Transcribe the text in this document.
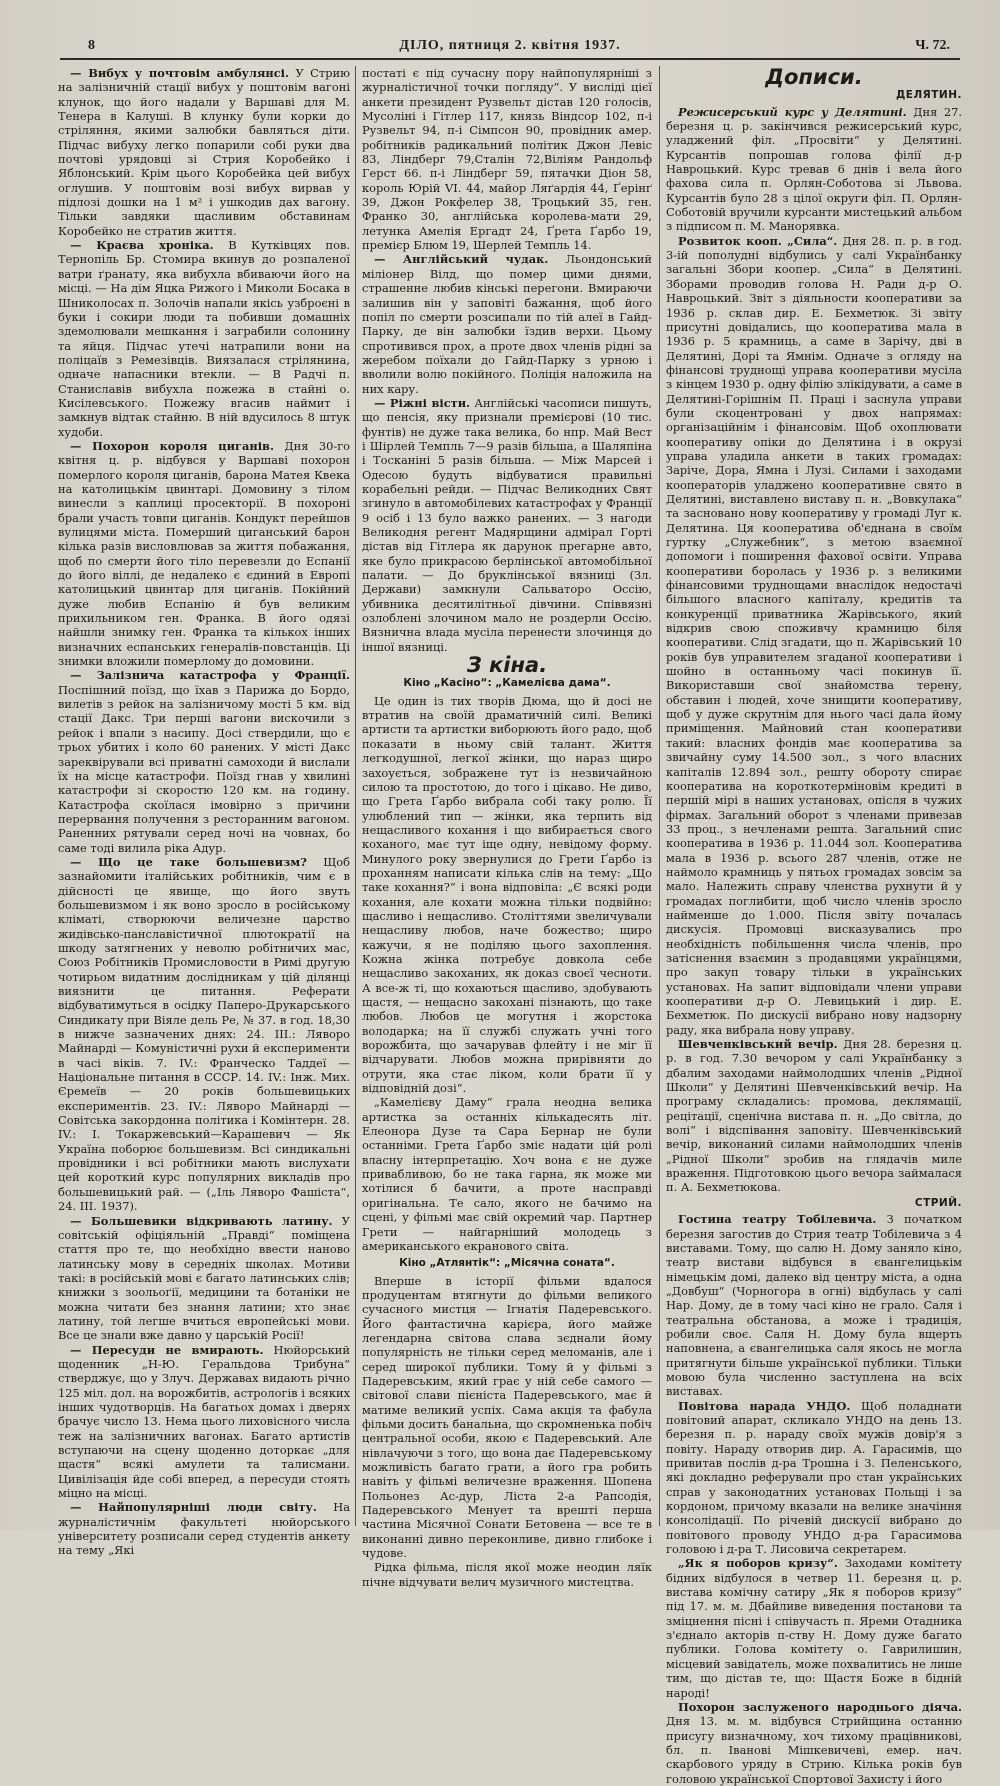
8	ДІЛО, пятниця 2. квітня 1937.	Ч. 72.

— Вибух у почтовім амбулянсі. У Стрию на залізничній стації вибух у поштовім вагоні клунок, що його надали у Варшаві для М. Тенера в Калуші. В клунку були корки до стріляння, якими залюбки бавляться діти. Підчас вибуху легко попарили собі руки два почтові урядовці зі Стрия Коробейко і Яблонський. Крім цього Коробейка цей вибух оглушив. У поштовім возі вибух вирвав у підлозі дошки на 1 м² і ушкодив дах вагону. Тільки завдяки щасливим обставинам Коробейко не стратив життя.

— Краєва хроніка. В Кутківцях пов. Тернопіль Бр. Стомира вкинув до розпаленої ватри ґранату, яка вибухла вбиваючи його на місці. — На дім Яцка Рижого і Миколи Босака в Шниколосах п. Золочів напали якісь узброєні в буки і сокири люди та побивши домашніх здемолювали мешкання і заграбили солонину та яйця. Підчас утечі натрапили вони на поліцаїв з Ремезівців. Виязалася стрілянина, одначе напасники втекли. — В Радчі п. Станиславів вибухла пожежа в стайні о. Кисілевського. Пожежу вгасив наймит і замкнув відтак стайню. В ній вдусилось 8 штук худоби.

— Похорон короля циганів. Дня 30-го квітня ц. р. відбувся у Варшаві похорон померлого короля циганів, барона Матея Квека на католицькім цвинтарі. Домовину з тілом винесли з каплиці просектоpії. В похороні брали участь товпи циганів. Кондукт перейшов вулицями міста. Померший циганський барон кілька разів висловлював за життя побажання, щоб по смерти його тіло перевезли до Еспанії до його віллі, де недалеко є єдиний в Европі католицький цвинтар для циганів. Покійний дуже любив Еспанію й був великим прихильником ген. Франка. В його одязі найшли знимку ген. Франка та кількох інших визначних еспанських генералів-повстанців. Ці знимки вложили померлому до домовини.

— Залізнича катастрофа у Франції. Поспішний поїзд, що їхав з Парижа до Бордо, вилетів з рейок на залізничому мості 5 км. від стації Дакс. Три перші вагони вискочили з рейок і впали з насипу. Досі ствердили, що є трьох убитих і коло 60 ранених. У місті Дакс зареквірували всі приватні самоходи й вислали їх на місце катастрофи. Поїзд гнав у хвилині катастрофи зі скоростю 120 км. на годину. Катастрофа скоїлася імовірно з причини перервання получення з ресторанним вагоном. Раненних рятували серед ночі на човнах, бо саме тоді вилила ріка Адур.

— Що це таке большевизм? Щоб зазнайомити італійських робітників, чим є в дійсності це явище, що його звуть большевизмом і як воно зросло в російському кліматі, створюючи величезне царство жидівсько-панславістичної плютократії на шкоду затягнених у неволю робітничих мас, Союз Робітників Промисловости в Римі другую чотирьом видатним дослідникам у цій ділянці виязнити це питання. Реферати відбуватимуться в осідку Паперо-Друкарського Синдикату при Віяле дель Ре, № 37. в год. 18,30 в нижче зазначених днях: 24. ІІІ.: Ляворо Майнарді — Комуністичні рухи й експерименти в часі віків. 7. IV.: Франческо Таддеї — Національне питання в СССР. 14. IV.: Інж. Мих. Єремеїв — 20 років большевицьких експериментів. 23. IV.: Ляворо Майнарді — Совітська закордонна політика і Комінтерн. 28. IV.: І. Токаржевський—Карашевич — Як Україна поборює большевизм. Всі синдикальні провідники і всі робітники мають вислухати цей короткий курс популярних викладів про большевицький рай. — („Іль Ляворо Фашіста“, 24. ІІІ. 1937).

— Большевики відкривають латину. У совітській офіціяльній „Правді“ поміщена стаття про те, що необхідно ввести наново латинську мову в середніх школах. Мотиви такі: в російській мові є багато латинських слів; книжки з зоольоґії, медицини та ботаніки не можна читати без знання латини; хто знає латину, той легше вчиться европейські мови. Все це знали вже давно у царській Росії!

— Пересуди не вмирають. Нюйорський щоденник „Н-Ю. Геральдова Трибуна“ стверджує, що у Злуч. Державах видають річно 125 міл. дол. на ворожбитів, астрологів і всяких інших чудотворців. На багатьох домах і дверях брачує число 13. Нема цього лиховісного числа теж на залізничних вагонах. Багато артистів вступаючи на сцену щоденно доторкає „для щастя“ всякі амулети та талисмани. Цивілізація йде собі вперед, а пересуди стоять міцно на місці.

— Найпопулярніші люди світу. На журналістичнім факультеті нюйорського університету розписали серед студентів анкету на тему „Які

постаті є під сучасну пору найпопулярніші з журналістичної точки погляду“. У висліді цієї анкети президент Рузвельт дістав 120 голосів, Мусоліні і Гітлер 117, князь Віндсор 102, п-і Рузвельт 94, п-і Сімпсон 90, провідник амер. робітників радикальний політик Джон Левіс 83, Ліндберг 79,Сталін 72,Віліям Рандольф Герст 66. п-і Ліндберг 59, пятачки Діон 58, король Юрій VI. 44, майор Ляґардія 44, Ґерінґ 39, Джон Рокфелер 38, Троцький 35, ген. Франко 30, англійська королева-мати 29, летунка Амелія Ергадт 24, Ґрета Ґарбо 19, премієр Блюм 19, Шерлей Темпль 14.

— Англійський чудак. Льондонський міліонер Вілд, що помер цими днями, страшенне любив кінські перегони. Вмираючи залишив він у заповіті бажання, щоб його попіл по смерти розсипали по тій алеї в Гайд-Парку, де він залюбки їздив верхи. Цьому спротивився прох, а проте двох членів рідні за жеребом поїхали до Гайд-Парку з урною і вволили волю покійного. Поліція наложила на них кару.

— Ріжні вісти. Англійські часописи пишуть, що пенсія, яку признали премієрові (10 тис. фунтів) не дуже така велика, бо нпр. Май Вест і Шірлей Темпль 7—9 разів більша, а Шаляпіна і Тосканіні 5 разів більша. — Між Марсей і Одесою будуть відбуватися правильні корабельні рейди. — Підчас Великодних Свят згинуло в автомобілевих катастрофах у Франції 9 осіб і 13 було важко ранених. — З нагоди Великодня регент Мадярщини адмірал Горті дістав від Гітлера як дарунок прегарне авто, яке було прикрасою берлінської автомобільної палати. — До бруклінської вязниці (Зл. Держави) замкнули Сальваторо Оссію, убивника десятилітньої дівчини. Співвязні озлоблені злочином мало не роздерли Оссію. Вязнична влада мусіла перенести злочинця до іншої вязниці.

З кіна.
Кіно „Касіно“: „Камелієва дама“.

Це один із тих творів Дюма, що й досі не втратив на своїй драматичній силі. Великі артисти та артистки виборюють його радо, щоб показати в ньому свій талант. Життя легкодушної, легкої жінки, що нараз щиро захоується, зображене тут із незвичайною силою та простотою, до того і цікаво. Не диво, що Грета Ґарбо вибрала собі таку ролю. Її улюблений тип — жінки, яка терпить від нещасливого кохання і що вибирається свого коханого, має тут іще одну, невідому форму. Минулого року звернулися до Грети Ґарбо із проханням написати кілька слів на тему: „Що таке кохання?“ і вона відповіла: „Є всякі роди кохання, але кохати можна тільки подвійно: щасливо і нещасливо. Століттями звеличували нещасливу любов, наче божество; щиро кажучи, я не поділяю цього захоплення. Кожна жінка потребує довкола себе нещасливо закоханих, як доказ своєї чесноти. А все-ж ті, що кохаються щасливо, здобувають щастя, — нещасно закохані пізнають, що таке любов. Любов це могутня і жорстока володарка; на її службі служать учні того ворожбита, що зачарував флейту і не міг її відчарувати. Любов можна прирівняти до отрути, яка стає ліком, коли брати її у відповідній дозі“.

„Камелієву Даму“ грала неодна велика артистка за останніх кількадесять літ. Елеонора Дузе та Сара Бернар не були останніми. Грета Ґарбо зміє надати цій ролі власну інтерпретацію. Хоч вона є не дуже привабливою, бо не така гарна, як може ми хотілися б бачити, а проте насправді оригінальна. Те сало, якого не бачимо на сцені, у фільмі має свій окремий чар. Партнер Грети — найгарніший молодець з американського екранового світа.

Кіно „Атлянтік“: „Місячна соната“.

Вперше в історії фільми вдалося продуцентам втягнути до фільми великого сучасного мистця — Ігнатія Падеревського. Його фантастична карієра, його майже легендарна світова слава зєднали йому популярність не тільки серед меломанів, але і серед широкої публики. Тому й у фільмі з Падеревським, який грає у ній себе самого — світової слави пієніста Падеревського, має й матиме великий успіх. Сама акція та фабула фільми досить банальна, що скромненька побіч центральної особи, якою є Падеревський. Але нівлачуючи з того, що вона дає Падеревському можливість багато грати, а його гра робить навіть у фільмі величезне враження. Шопена Польонез Ас-дур, Ліста 2-а Рапсодія, Падеревського Менует та врешті перша частина Місячної Сонати Бетовена — все те в виконанні дивно переконливе, дивно глибоке і чудове.

Рідка фільма, після якої може неодин ляїк пічне відчувати велич музичного мистецтва.

Дописи.
ДЕЛЯТИН.

Режисерський курс у Делятині. Дня 27. березня ц. р. закінчився режисерський курс, уладжений філ. „Просвіти“ у Делятині. Курсантів попрошав голова філії д-р Навроцький. Курс тревав 6 днів і вела його фахова сила п. Орлян-Соботова зі Львова. Курсантів було 28 з цілої округи філ. П. Орлян-Соботовій вручили курсанти мистецький альбом з підписом п. М. Манорявка.

Розвиток кооп. „Сила“. Дня 28. п. р. в год. 3-ій пополудні відбулись у салі Українбанку загальні Збори коопер. „Сила“ в Делятині. Зборами проводив голова Н. Ради д-р О. Навроцький. Звіт з діяльности кооперативи за 1936 р. склав дир. Е. Бехметюк. Зі звіту присутні довідались, що кооператива мала в 1936 р. 5 крамниць, а саме в Зарічу, дві в Делятині, Дорі та Ямнім. Одначе з огляду на фінансові труднощі управа кооперативи мусіла з кінцем 1930 р. одну філію злікідувати, а саме в Делятині-Горішнім П. Праці і заснула управи були скоцентровані у двох напрямах: організаційнім і фінансовім. Щоб охоплювати кооперативу опіки до Делятина і в окрузі управа уладила анкети в таких громадах: Заріче, Дора, Ямна і Лузі. Силами і заходами кооператорів уладжено кооперативне свято в Делятині, виставлено виставу п. н. „Вовкулака“ та засновано нову кооперативу у громаді Луг к. Делятина. Ця кооператива об'єднана в своїм гуртку „Служебник“, з метою взаємної допомоги і поширення фахової освіти. Управа кооперативи боролась у 1936 р. з великими фінансовими труднощами внаслідок недостачі більшого власного капіталу, кредитів та конкуренції приватника Жарівського, який відкрив свою споживчу крамницю біля кооперативи. Слід згадати, що п. Жарівський 10 років був управителем згаданої кооперативи і шойно в останньому часі покинув її. Використавши свої знайомства терену, обставин і людей, хоче знищити кооперативу, щоб у дуже скрутнім для нього часі дала йому приміщення. Майновий стан кооперативи такий: власних фондів має кооператива за звичайну суму 14.500 зол., з чого власних капіталів 12.894 зол., решту обороту спирає кооператива на короткотерміновім кредиті в першій мірі в наших установах, опісля в чужих фірмах. Загальний оборот з членами привезав 33 проц., з нечленами решта. Загальний спис кооператива в 1936 р. 11.044 зол. Кооператива мала в 1936 р. всього 287 членів, отже не наймоло крамниць у пятьох громадах зовсім за мало. Належить справу членства рухнути й у громадах поглибити, щоб число членів зросло найменше до 1.000. Після звіту почалась дискусія. Промовці висказувались про необхідність побільшення числа членів, про затіснення взаємин з продавцями українцями, про закуп товару тільки в українських установах. На запит відповідали члени управи кооперативи д-р О. Левицький і дир. Е. Бехметюк. По дискусії вибрано нову надзорну раду, яка вибрала нову управу.

Шевченківський вечір. Дня 28. березня ц. р. в год. 7.30 вечором у салі Українбанку з дбалим заходами наймолодших членів „Рідної Школи“ у Делятині Шевченківський вечір. На програму складались: промова, деклямації, рецітації, сценічна вистава п. н. „До світла, до волі“ і відспівання заповіту. Шевченківський вечір, виконаний силами наймолодших членів „Рідної Школи“ зробив на глядачів миле враження. Підготовкою цього вечора займалася п. А. Бехметюкова.

СТРИЙ.

Гостина театру Тобілевича. З початком березня загостив до Стрия театр Тобілевича з 4 виставами. Тому, що салю Н. Дому заняло кіно, театр вистави відбувся в євангелицькім німецькім домі, далеко від центру міста, а одна „Довбуш“ (Чорногора в огні) відбулась у салі Нар. Дому, де в тому часі кіно не грало. Саля і театральна обстанова, а може і традиція, робили своє. Саля Н. Дому була вщерть наповнена, а євангелицька саля якось не могла притягнути більше української публики. Тільки мовою була численно заступлена на всіх виставах.

Повітова нарада УНДО. Щоб поладнати повітовий апарат, скликало УНДО на день 13. березня п. р. нараду своїх мужів довір'я з повіту. Нараду отворив дир. А. Гарасимів, що привитав послів д-ра Трошна і З. Пеленського, які докладно реферували про стан українських справ у законодатних установах Польщі і за кордоном, причому вказали на велике значіння консолідації. По річевій дискусії вибрано до повітового проводу УНДО д-ра Гарасимова головою і д-ра Т. Лисовича секретарем.

„Як я поборов кризу“. Заходами комітету бідних відбулося в четвер 11. березня ц. р. вистава комічну сатиру „Як я поборов кризу“ під 17. м. м. Дбайливе виведення постанови та зміцнення пісні і співучасть п. Яреми Отадника з'єднало акторів п-ству Н. Дому дуже багато публики. Голова комітету о. Гаврилишин, місцевий завідатель, може похвалитись не лише тим, що дістав те, що: Щастя Боже в бідній народі!

Похорон заслуженого народнього діяча. Дня 13. м. м. відбувся Стрийщина останню присугу визначному, хоч тихому працівникові, бл. п. Іванові Мішкевичеві, емер. нач. скарбового уряду в Стрию. Кілька років був головою української Спортової Захисту і його
